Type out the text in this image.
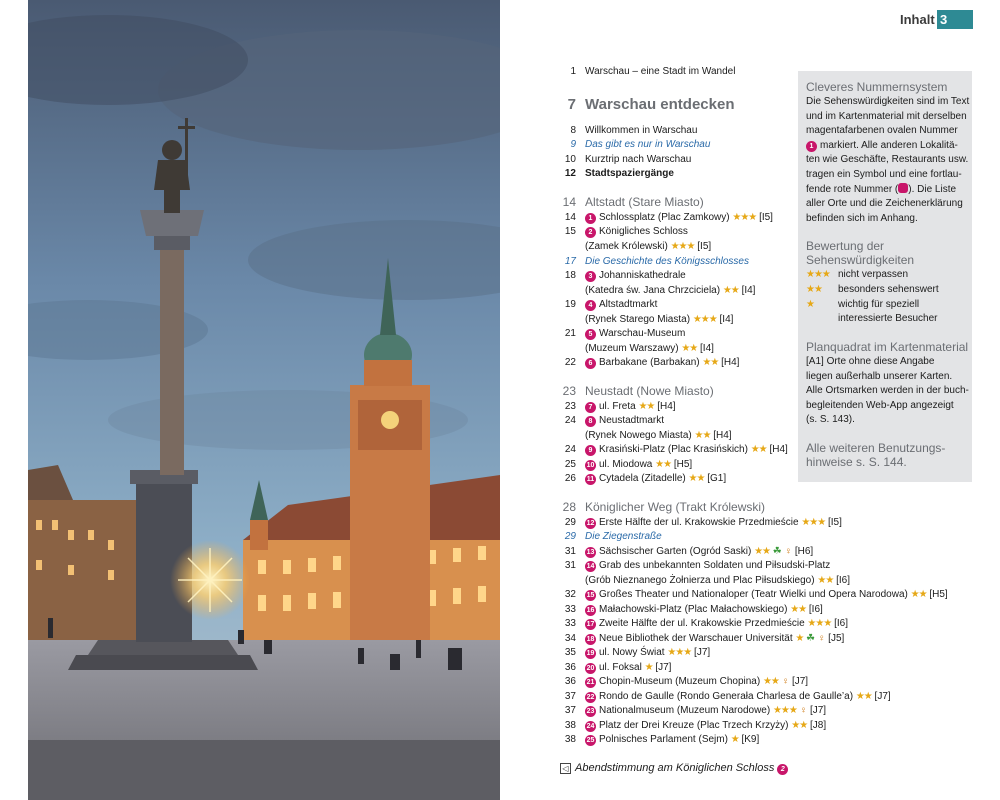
Inhalt 3
1 Warschau – eine Stadt im Wandel
7 Warschau entdecken
8 Willkommen in Warschau
9 Das gibt es nur in Warschau
10 Kurztrip nach Warschau
12 Stadtspaziergänge
14 Altstadt (Stare Miasto)
14	1 Schlossplatz (Plac Zamkowy) ★★★ [I5]
15	2 Königliches Schloss
(Zamek Królewski) ★★★ [I5]
17 Die Geschichte des Königsschlosses
18	3 Johanniskathedrale
(Katedra św. Jana Chrzciciela) ★★ [I4]
19	4 Altstadtmarkt
(Rynek Starego Miasta) ★★★ [I4]
21	5 Warschau-Museum
(Muzeum Warszawy) ★★ [I4]
22	6 Barbakane (Barbakan) ★★ [H4]
23 Neustadt (Nowe Miasto)
23	7 ul. Freta ★★ [H4]
24	8 Neustadtmarkt
(Rynek Nowego Miasta) ★★ [H4]
24	9 Krasiński-Platz (Plac Krasińskich) ★★ [H4]
25 10 ul. Miodowa ★★ [H5]
26 11 Cytadela (Zitadelle) ★★ [G1]
28 Königlicher Weg (Trakt Królewski)
29 12 Erste Hälfte der ul. Krakowskie Przedmieście ★★★ [I5]
29 Die Ziegenstraße
31 13 Sächsischer Garten (Ogród Saski) ★★ ☘ ♀ [H6]
31 14 Grab des unbekannten Soldaten und Piłsudski-Platz
(Grób Nieznanego Żołnierza und Plac Piłsudskiego) ★★ [I6]
32 15 Großes Theater und Nationaloper (Teatr Wielki und Opera Narodowa) ★★ [H5]
33 16 Małachowski-Platz (Plac Małachowskiego) ★★ [I6]
33 17 Zweite Hälfte der ul. Krakowskie Przedmieście ★★★ [I6]
34 18 Neue Bibliothek der Warschauer Universität ★ ☘ ♀ [J5]
35 19 ul. Nowy Świat ★★★ [J7]
36 20 ul. Foksal ★ [J7]
36 21 Chopin-Museum (Muzeum Chopina) ★★ ♀ [J7]
37 22 Rondo de Gaulle (Rondo Generała Charlesa de Gaulle’a) ★★ [J7]
37 23 Nationalmuseum (Muzeum Narodowe) ★★★ ♀ [J7]
38 24 Platz der Drei Kreuze (Plac Trzech Krzyży) ★★ [J8]
38 25 Polnisches Parlament (Sejm) ★ [K9]
Cleveres Nummernsystem
Die Sehenswürdigkeiten sind im Text
und im Kartenmaterial mit derselben
magentafarbenen ovalen Nummer
1 markiert. Alle anderen Lokalitä-
ten wie Geschäfte, Restaurants usw.
tragen ein Symbol und eine fortlau-
fende rote Nummer ( ). Die Liste
aller Orte und die Zeichenerklärung
befinden sich im Anhang.
Bewertung der
Sehenswürdigkeiten
★★★ nicht verpassen
★★ besonders sehenswert
★ wichtig für speziell
interessierte Besucher
Planquadrat im Kartenmaterial
[A1] Orte ohne diese Angabe
liegen außerhalb unserer Karten.
Alle Ortsmarken werden in der buch-
begleitenden Web-App angezeigt
(s. S. 143).
Alle weiteren Benutzungs-
hinweise s. S. 144.
◁ Abendstimmung am Königlichen Schloss 2
